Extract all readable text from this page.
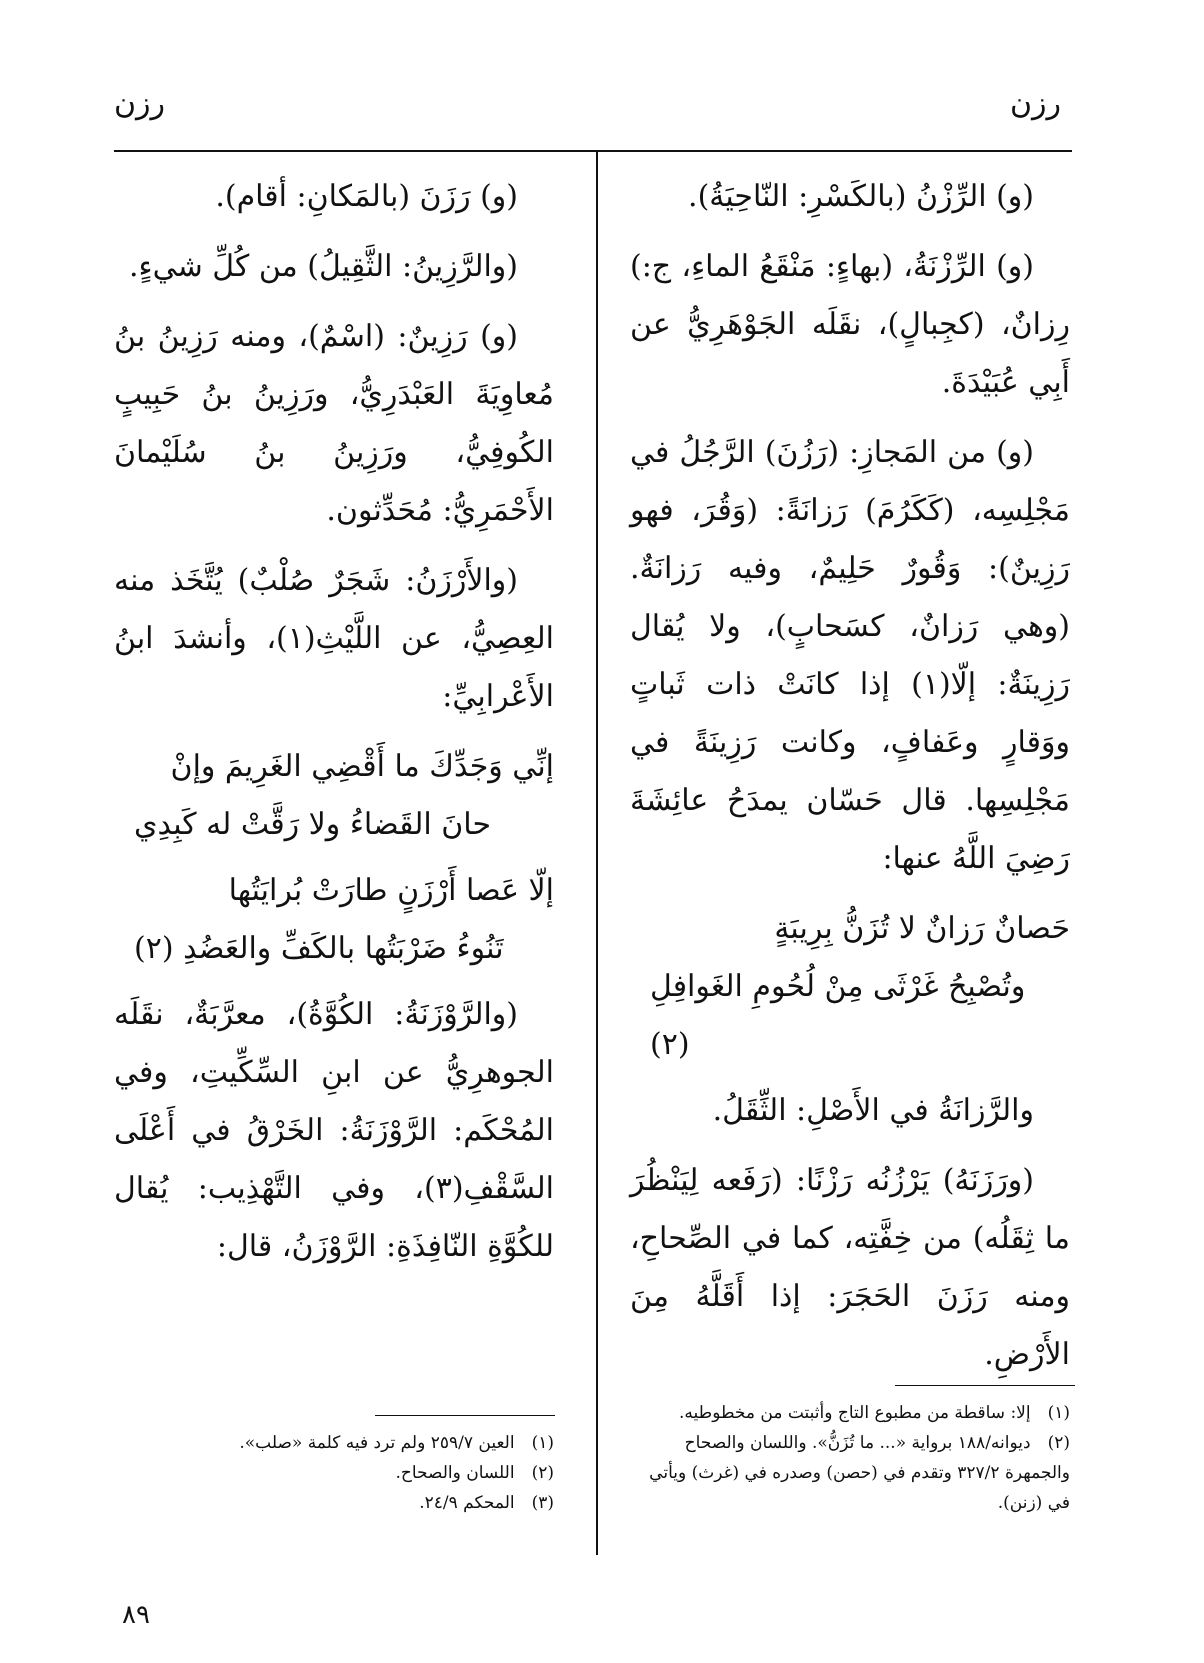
رزن
رزن

(و) الرِّزْنُ (بالكَسْرِ: النّاحِيَةُ).

(و) الرِّزْنَةُ، (بهاءٍ: مَنْقَعُ الماءِ، ج:) رِزانٌ، (كجِبالٍ)، نقَلَه الجَوْهَرِيُّ عن أَبِي عُبَيْدَةَ.

(و) من المَجازِ: (رَزُنَ) الرَّجُلُ في مَجْلِسِه، (كَكَرُمَ) رَزانَةً: (وَقُرَ، فهو رَزِينٌ): وَقُورٌ حَلِيمٌ، وفيه رَزانَةٌ. (وهي رَزانٌ، كسَحابٍ)، ولا يُقال رَزِينَةٌ: إلّا(١) إذا كانَتْ ذات ثَباتٍ ووَقارٍ وعَفافٍ، وكانت رَزِينَةً في مَجْلِسِها. قال حَسّان يمدَحُ عائِشَةَ رَضِيَ اللَّهُ عنها:

حَصانٌ رَزانٌ لا تُزَنُّ بِرِيبَةٍ
وتُصْبِحُ غَرْثَى مِنْ لُحُومِ الغَوافِلِ (٢)

والرَّزانَةُ في الأَصْلِ: الثِّقَلُ.

(ورَزَنَهُ) يَرْزُنُه رَزْنًا: (رَفَعه لِيَنْظُرَ ما ثِقَلُه) من خِفَّتِه، كما في الصِّحاحِ، ومنه رَزَنَ الحَجَرَ: إذا أَقَلَّهُ مِنَ الأَرْضِ.

(و) رَزَنَ (بالمَكانِ: أقام).

(والرَّزِينُ: الثَّقِيلُ) من كُلِّ شيءٍ.

(و) رَزِينٌ: (اسْمٌ)، ومنه رَزِينُ بنُ مُعاوِيَةَ العَبْدَرِيُّ، ورَزِينُ بنُ حَبِيبٍ الكُوفِيُّ، ورَزِينُ بنُ سُلَيْمانَ الأَحْمَرِيُّ: مُحَدِّثون.

(والأَرْزَنُ: شَجَرٌ صُلْبٌ) يُتَّخَذ منه العِصِيُّ، عن اللَّيْثِ(١)، وأنشدَ ابنُ الأَعْرابِيِّ:

إنِّي وَجَدِّكَ ما أَقْضِي الغَرِيمَ وإنْ
حانَ القَضاءُ ولا رَقَّتْ له كَبِدِي

إلّا عَصا أَرْزَنٍ طارَتْ بُرايَتُها
تَنُوءُ ضَرْبَتُها بالكَفِّ والعَضُدِ (٢)

(والرَّوْزَنَةُ: الكُوَّةُ)، معرَّبَةٌ، نقَلَه الجوهرِيُّ عن ابنِ السِّكِّيتِ، وفي المُحْكَم: الرَّوْزَنَةُ: الخَرْقُ في أَعْلَى السَّقْفِ(٣)، وفي التَّهْذِيب: يُقال للكُوَّةِ النّافِذَةِ: الرَّوْزَنُ، قال:

(١) إلا: ساقطة من مطبوع التاج وأثبتت من مخطوطيه.

(٢) ديوانه/١٨٨ برواية «... ما تُزَنُّ». واللسان والصحاح والجمهرة ٣٢٧/٢ وتقدم في (حصن) وصدره في (غرث) ويأتي في (زنن).

(١) العين ٢٥٩/٧ ولم ترد فيه كلمة «صلب».

(٢) اللسان والصحاح.

(٣) المحكم ٢٤/٩.

٨٩
